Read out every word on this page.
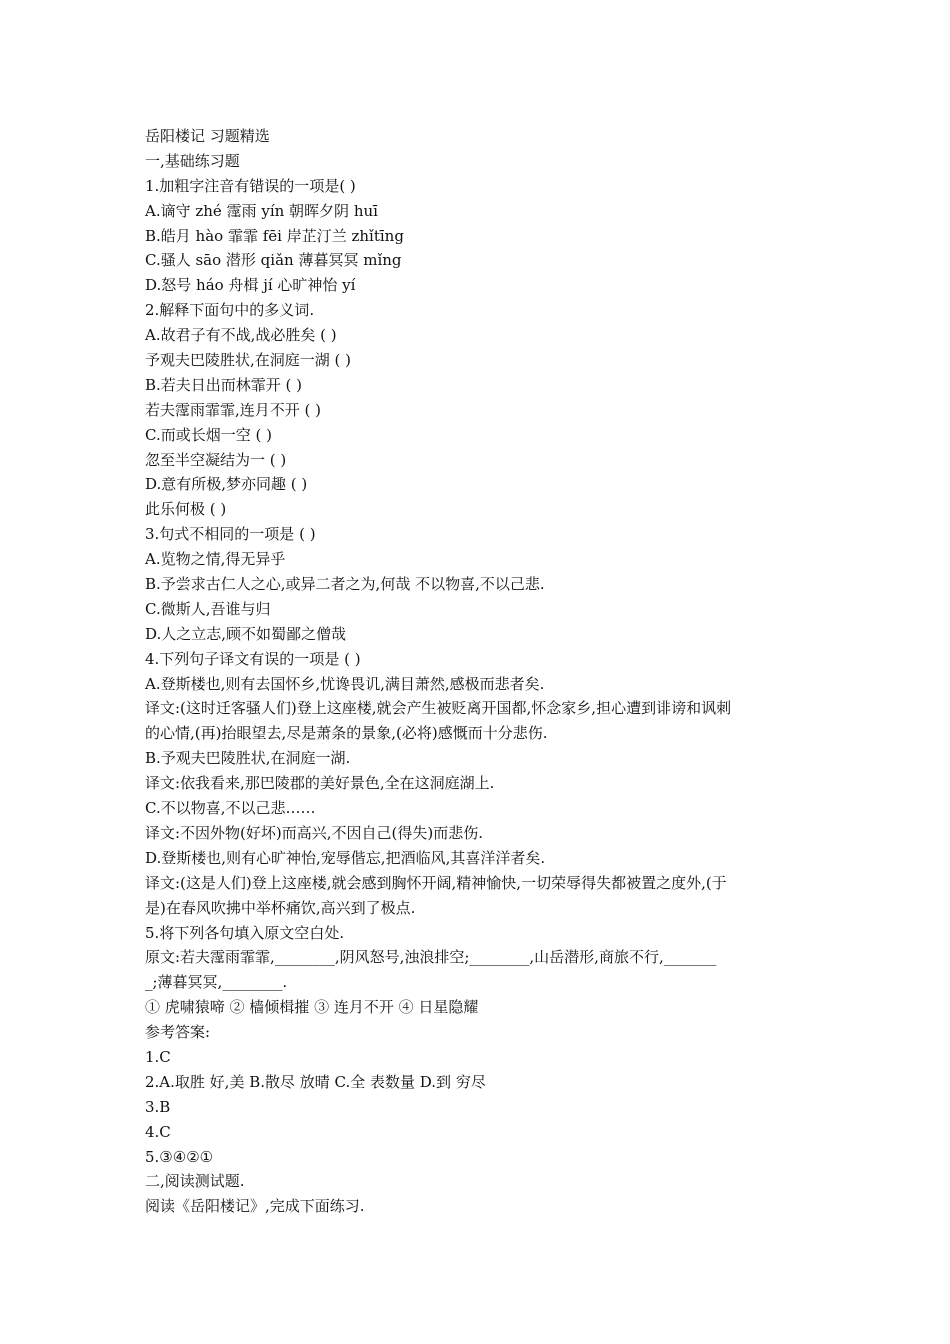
岳阳楼记 习题精选

一,基础练习题

1.加粗字注音有错误的一项是( )

A.谪守 zhé 霪雨 yín 朝晖夕阴 huī

B.皓月 hào 霏霏 fēi 岸芷汀兰 zhǐtīng

C.骚人 sāo 潜形 qiǎn 薄暮冥冥 mǐng

D.怒号 háo 舟楫 jí 心旷神怡 yí

2.解释下面句中的多义词.

A.故君子有不战,战必胜矣 ( )

予观夫巴陵胜状,在洞庭一湖 ( )

B.若夫日出而林霏开 ( )

若夫霪雨霏霏,连月不开 ( )

C.而或长烟一空 ( )

忽至半空凝结为一 ( )

D.意有所极,梦亦同趣 ( )

此乐何极 ( )

3.句式不相同的一项是 ( )

A.览物之情,得无异乎

B.予尝求古仁人之心,或异二者之为,何哉 不以物喜,不以己悲.

C.微斯人,吾谁与归

D.人之立志,顾不如蜀鄙之僧哉

4.下列句子译文有误的一项是 ( )

A.登斯楼也,则有去国怀乡,忧谗畏讥,满目萧然,感极而悲者矣.

译文:(这时迁客骚人们)登上这座楼,就会产生被贬离开国都,怀念家乡,担心遭到诽谤和讽刺

的心情,(再)抬眼望去,尽是萧条的景象,(必将)感慨而十分悲伤.

B.予观夫巴陵胜状,在洞庭一湖.

译文:依我看来,那巴陵郡的美好景色,全在这洞庭湖上.

C.不以物喜,不以己悲……

译文:不因外物(好坏)而高兴,不因自己(得失)而悲伤.

D.登斯楼也,则有心旷神怡,宠辱偕忘,把酒临风,其喜洋洋者矣.

译文:(这是人们)登上这座楼,就会感到胸怀开阔,精神愉快,一切荣辱得失都被置之度外,(于

是)在春风吹拂中举杯痛饮,高兴到了极点.

5.将下列各句填入原文空白处.

原文:若夫霪雨霏霏,________,阴风怒号,浊浪排空;________,山岳潜形,商旅不行,_______

_;薄暮冥冥,________.

① 虎啸猿啼 ② 樯倾楫摧 ③ 连月不开 ④ 日星隐耀

参考答案:

1.C

2.A.取胜 好,美 B.散尽 放晴 C.全 表数量 D.到 穷尽

3.B

4.C

5.③④②①

二,阅读测试题.

阅读《岳阳楼记》,完成下面练习.
